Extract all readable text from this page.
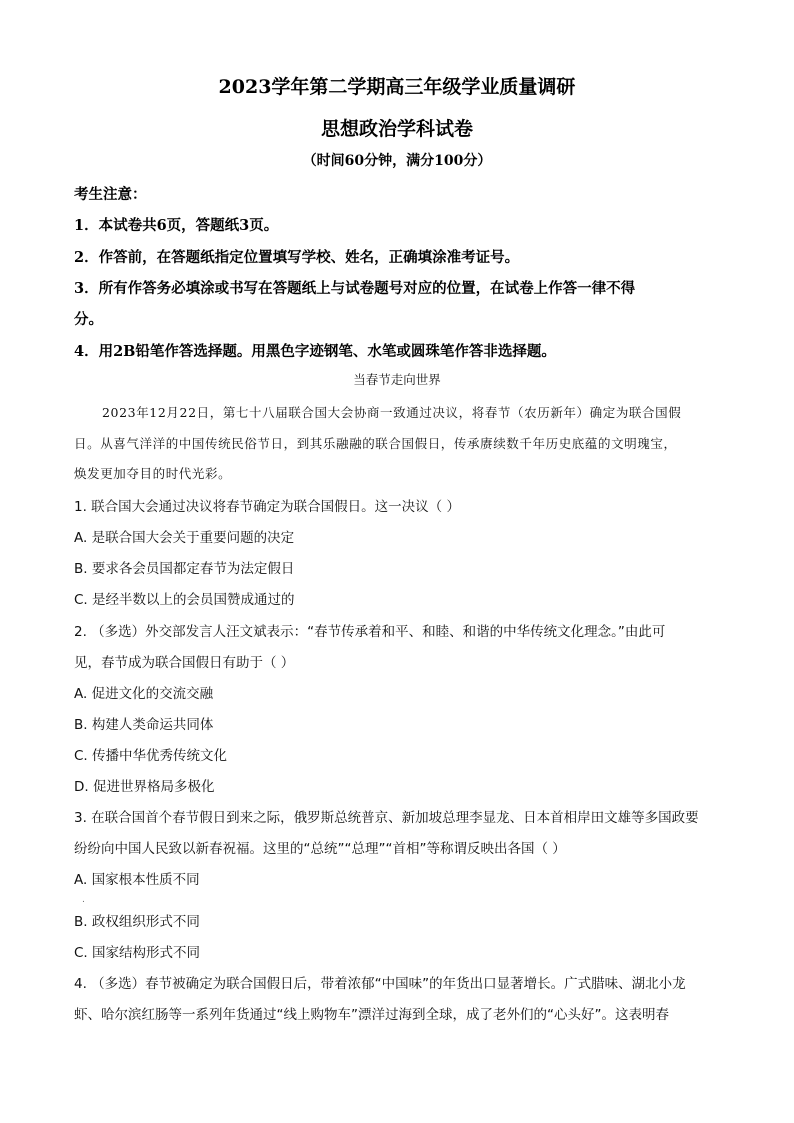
2023学年第二学期高三年级学业质量调研
思想政治学科试卷
（时间60分钟，满分100分）
考生注意：
1．本试卷共6页，答题纸3页。
2．作答前，在答题纸指定位置填写学校、姓名，正确填涂准考证号。
3．所有作答务必填涂或书写在答题纸上与试卷题号对应的位置，在试卷上作答一律不得
分。
4．用2B铅笔作答选择题。用黑色字迹钢笔、水笔或圆珠笔作答非选择题。
当春节走向世界
2023年12月22日，第七十八届联合国大会协商一致通过决议，将春节（农历新年）确定为联合国假
日。从喜气洋洋的中国传统民俗节日，到其乐融融的联合国假日，传承赓续数千年历史底蕴的文明瑰宝，
焕发更加夺目的时代光彩。
1. 联合国大会通过决议将春节确定为联合国假日。这一决议（ ）
A. 是联合国大会关于重要问题的决定
B. 要求各会员国都定春节为法定假日
C. 是经半数以上的会员国赞成通过的
2. （多选）外交部发言人汪文斌表示：“春节传承着和平、和睦、和谐的中华传统文化理念。”由此可
见，春节成为联合国假日有助于（ ）
A. 促进文化的交流交融
B. 构建人类命运共同体
C. 传播中华优秀传统文化
D. 促进世界格局多极化
3. 在联合国首个春节假日到来之际，俄罗斯总统普京、新加坡总理李显龙、日本首相岸田文雄等多国政要
纷纷向中国人民致以新春祝福。这里的“总统”“总理”“首相”等称谓反映出各国（ ）
A. 国家根本性质不同
.
B. 政权组织形式不同
C. 国家结构形式不同
4. （多选）春节被确定为联合国假日后，带着浓郁“中国味”的年货出口显著增长。广式腊味、湖北小龙
虾、哈尔滨红肠等一系列年货通过“线上购物车”漂洋过海到全球，成了老外们的“心头好”。这表明春
